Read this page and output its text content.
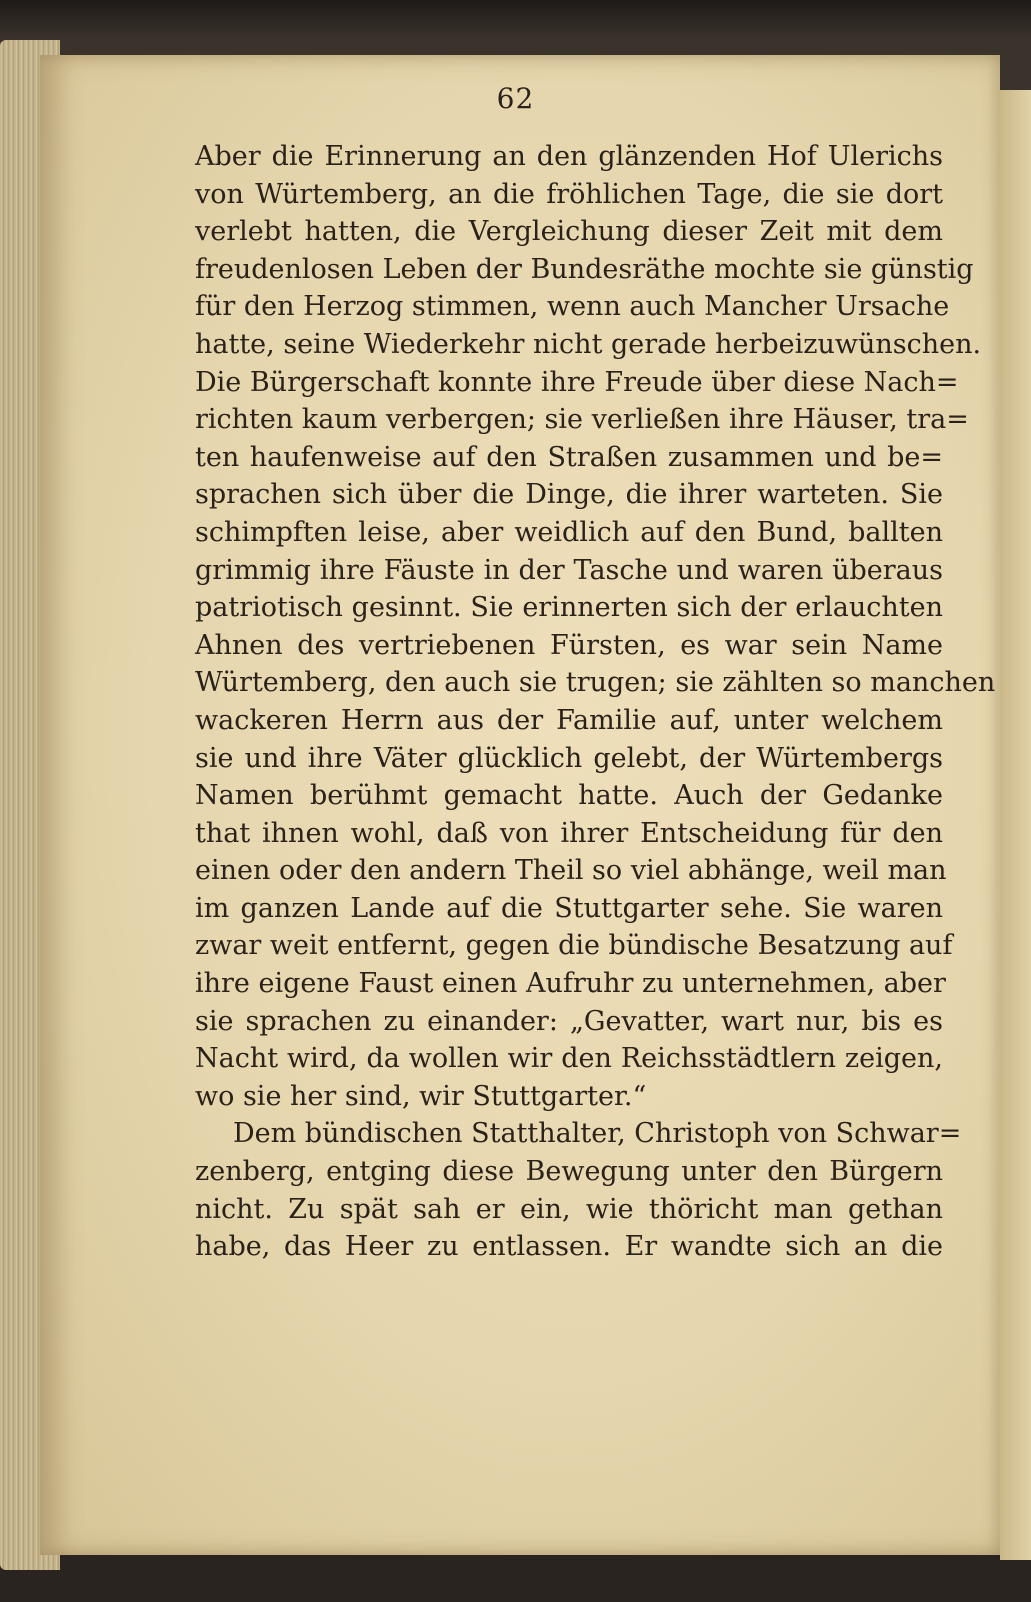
62
Aber die Erinnerung an den glänzenden Hof Ulerichs
von Würtemberg, an die fröhlichen Tage, die sie dort
verlebt hatten, die Vergleichung dieser Zeit mit dem
freudenlosen Leben der Bundesräthe mochte sie günstig
für den Herzog stimmen, wenn auch Mancher Ursache
hatte, seine Wiederkehr nicht gerade herbeizuwünschen.
Die Bürgerschaft konnte ihre Freude über diese Nach=
richten kaum verbergen; sie verließen ihre Häuser, tra=
ten haufenweise auf den Straßen zusammen und be=
sprachen sich über die Dinge, die ihrer warteten. Sie
schimpften leise, aber weidlich auf den Bund, ballten
grimmig ihre Fäuste in der Tasche und waren überaus
patriotisch gesinnt. Sie erinnerten sich der erlauchten
Ahnen des vertriebenen Fürsten, es war sein Name
Würtemberg, den auch sie trugen; sie zählten so manchen
wackeren Herrn aus der Familie auf, unter welchem
sie und ihre Väter glücklich gelebt, der Würtembergs
Namen berühmt gemacht hatte. Auch der Gedanke
that ihnen wohl, daß von ihrer Entscheidung für den
einen oder den andern Theil so viel abhänge, weil man
im ganzen Lande auf die Stuttgarter sehe. Sie waren
zwar weit entfernt, gegen die bündische Besatzung auf
ihre eigene Faust einen Aufruhr zu unternehmen, aber
sie sprachen zu einander: „Gevatter, wart nur, bis es
Nacht wird, da wollen wir den Reichsstädtlern zeigen,
wo sie her sind, wir Stuttgarter.“
Dem bündischen Statthalter, Christoph von Schwar=
zenberg, entging diese Bewegung unter den Bürgern
nicht. Zu spät sah er ein, wie thöricht man gethan
habe, das Heer zu entlassen. Er wandte sich an die
